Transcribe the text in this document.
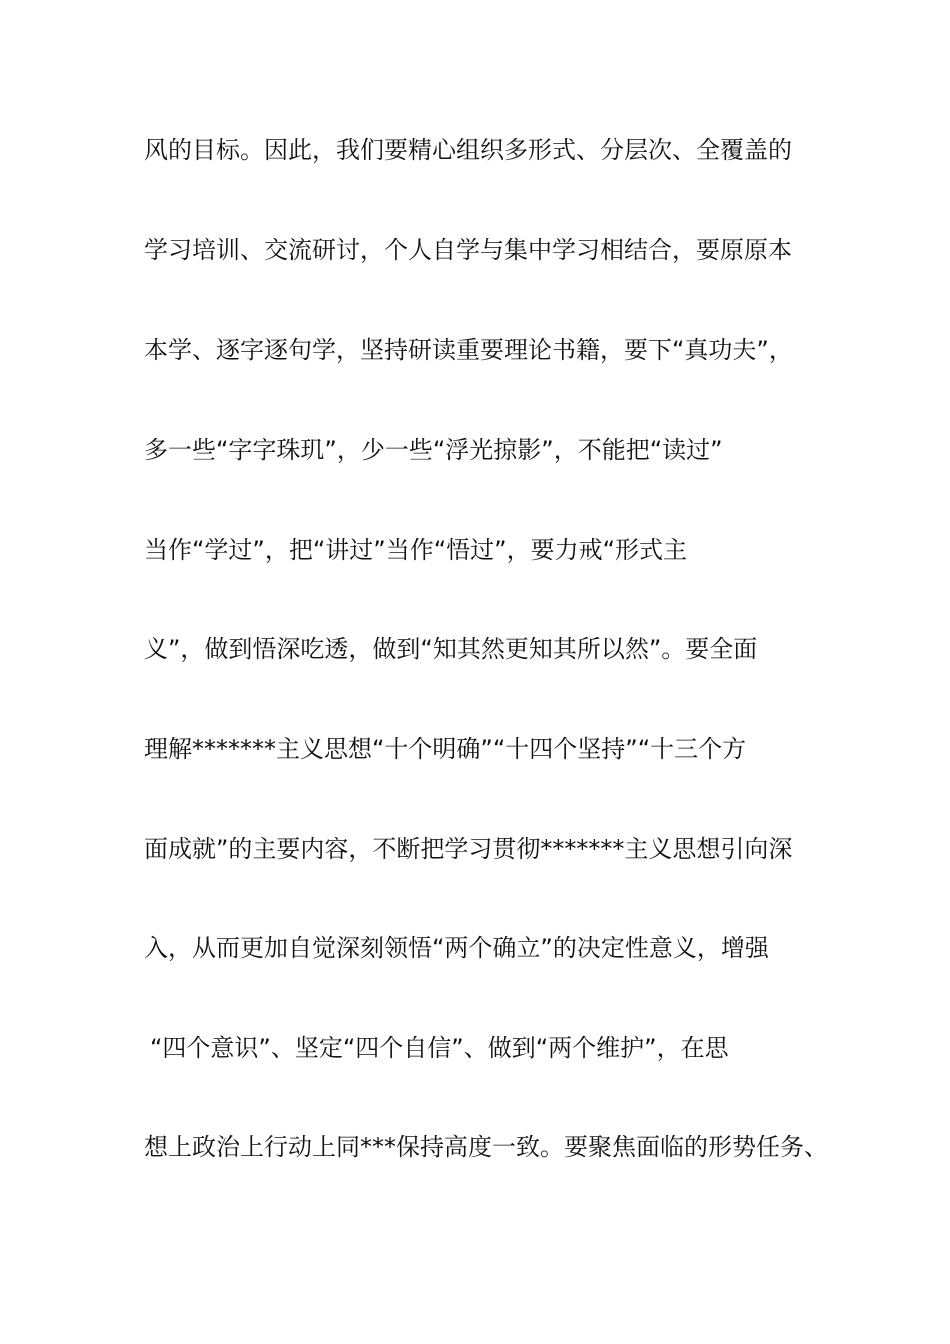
风的目标。因此，我们要精心组织多形式、分层次、全覆盖的
学习培训、交流研讨，个人自学与集中学习相结合，要原原本
本学、逐字逐句学，坚持研读重要理论书籍，要下“真功夫”，
多一些“字字珠玑”，少一些“浮光掠影”，不能把“读过”
当作“学过”，把“讲过”当作“悟过”，要力戒“形式主
义”，做到悟深吃透，做到“知其然更知其所以然”。要全面
理解*******主义思想“十个明确”“十四个坚持”“十三个方
面成就”的主要内容，不断把学习贯彻*******主义思想引向深
入，从而更加自觉深刻领悟“两个确立”的决定性意义，增强
“四个意识”、坚定“四个自信”、做到“两个维护”，在思
想上政治上行动上同***保持高度一致。要聚焦面临的形势任务、
